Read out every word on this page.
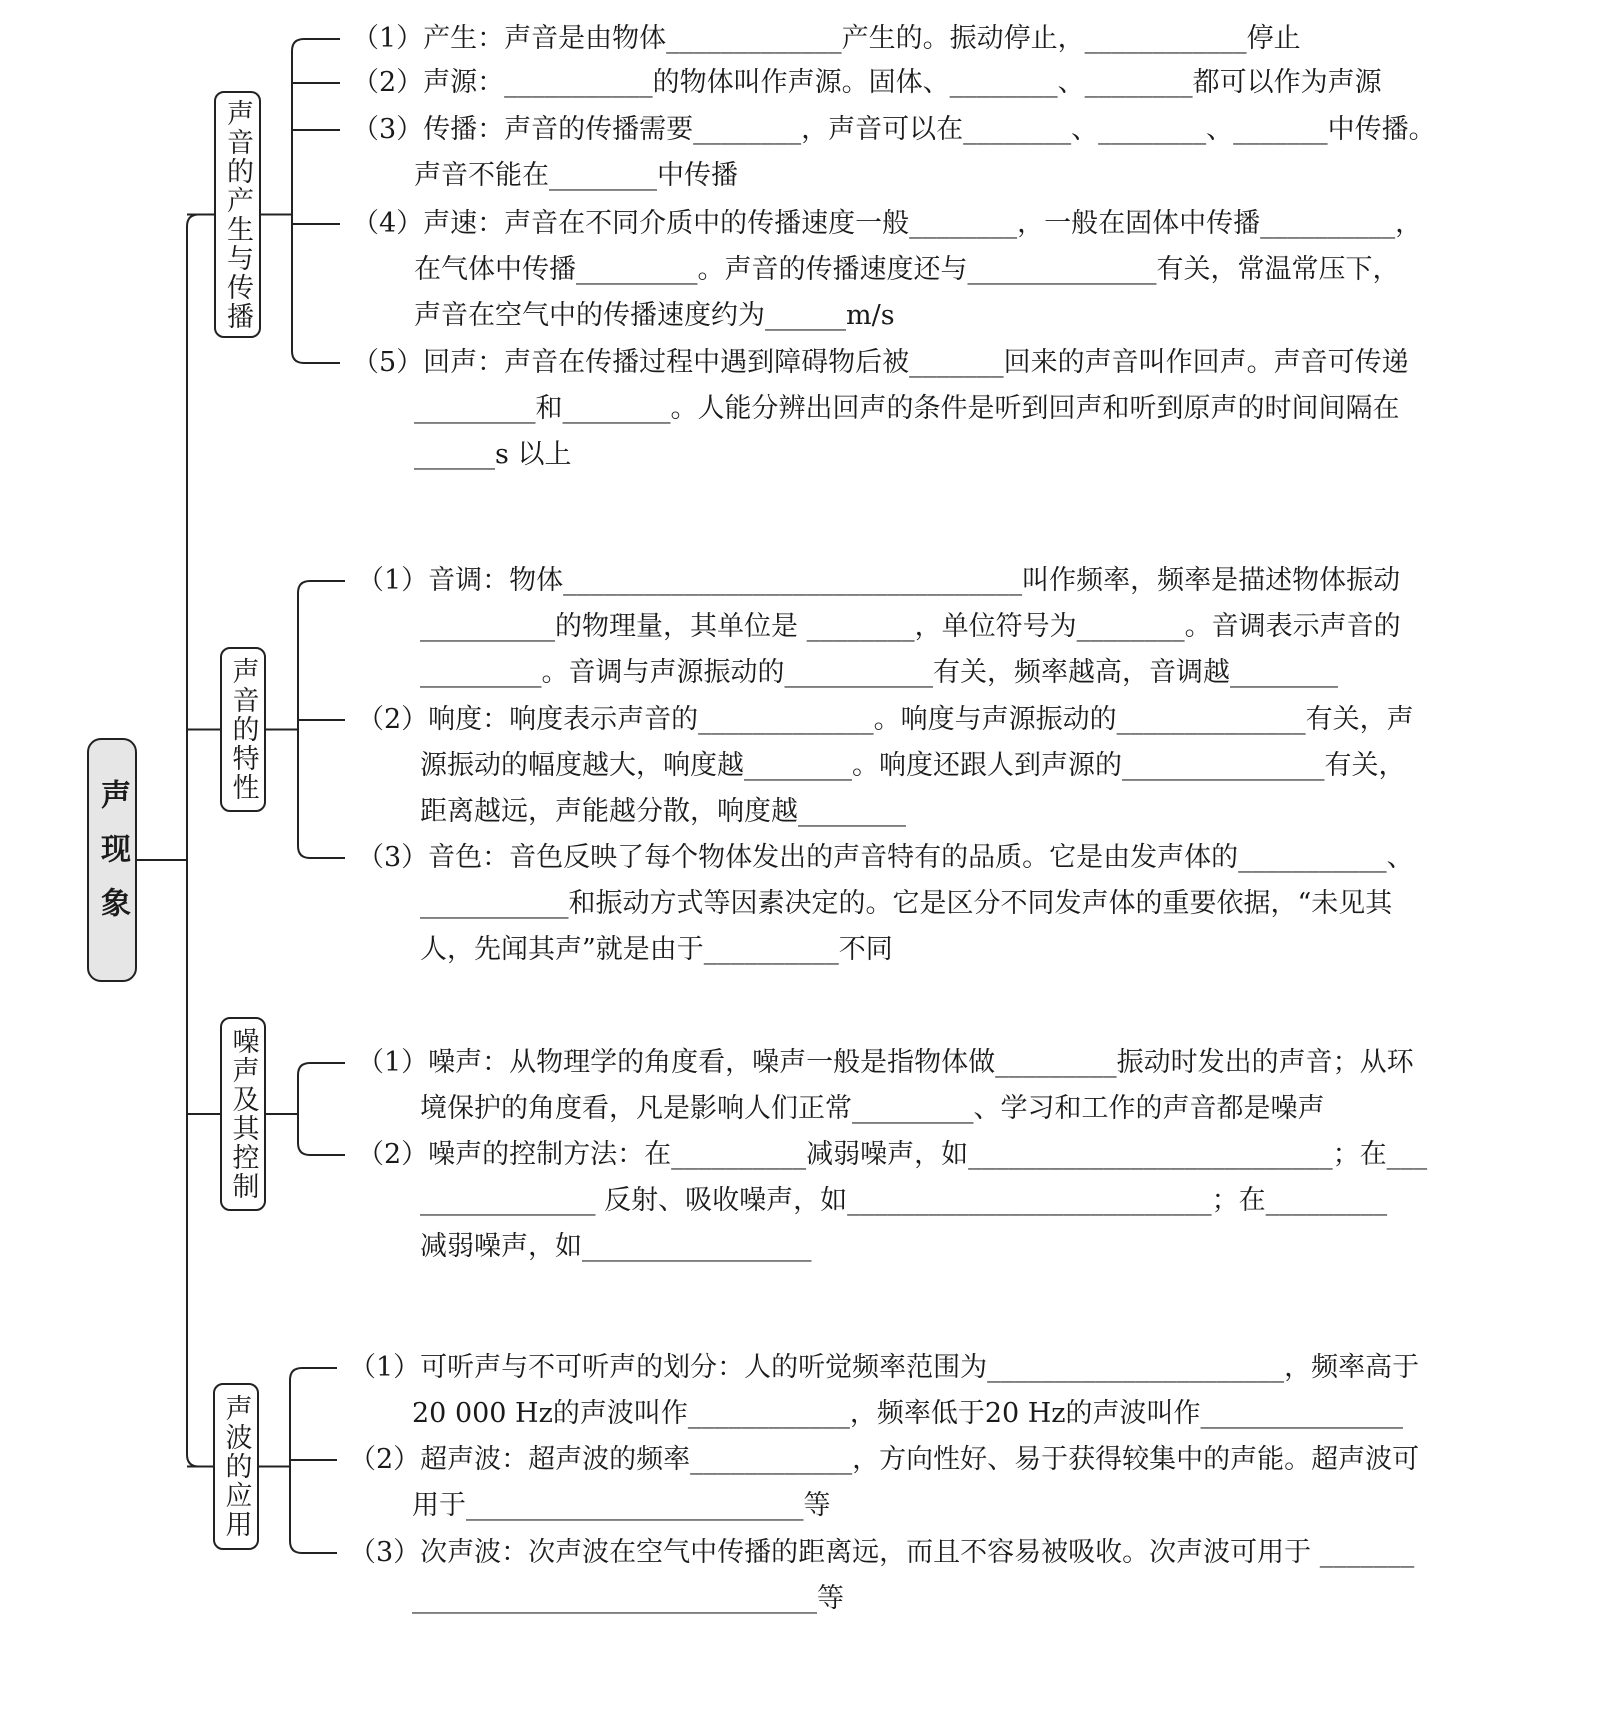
声现象
声音的产生与传播
声音的特性
噪声及其控制
声波的应用
（1）产生：声音是由物体_____________产生的。振动停止，____________停止
（2）声源：___________的物体叫作声源。固体、________、________都可以作为声源
（3）传播：声音的传播需要________，声音可以在________、________、_______中传播。
声音不能在________中传播
（4）声速：声音在不同介质中的传播速度一般________，一般在固体中传播__________，
在气体中传播_________。声音的传播速度还与______________有关，常温常压下，
声音在空气中的传播速度约为______m/s
（5）回声：声音在传播过程中遇到障碍物后被_______回来的声音叫作回声。声音可传递
_________和________。人能分辨出回声的条件是听到回声和听到原声的时间间隔在
______s 以上
（1）音调：物体__________________________________叫作频率，频率是描述物体振动
__________的物理量，其单位是 ________，单位符号为________。音调表示声音的
_________。音调与声源振动的___________有关，频率越高，音调越________
（2）响度：响度表示声音的_____________。响度与声源振动的______________有关，声
源振动的幅度越大，响度越________。响度还跟人到声源的_______________有关，
距离越远，声能越分散，响度越________
（3）音色：音色反映了每个物体发出的声音特有的品质。它是由发声体的___________、
___________和振动方式等因素决定的。它是区分不同发声体的重要依据，“未见其
人，先闻其声”就是由于__________不同
（1）噪声：从物理学的角度看，噪声一般是指物体做_________振动时发出的声音；从环
境保护的角度看，凡是影响人们正常_________、学习和工作的声音都是噪声
（2）噪声的控制方法：在__________减弱噪声，如___________________________；在___
_____________ 反射、吸收噪声，如___________________________；在_________
减弱噪声，如_________________
（1）可听声与不可听声的划分：人的听觉频率范围为______________________，频率高于
20 000 Hz的声波叫作____________，频率低于20 Hz的声波叫作_______________
（2）超声波：超声波的频率____________，方向性好、易于获得较集中的声能。超声波可
用于_________________________等
（3）次声波：次声波在空气中传播的距离远，而且不容易被吸收。次声波可用于 _______
______________________________等
